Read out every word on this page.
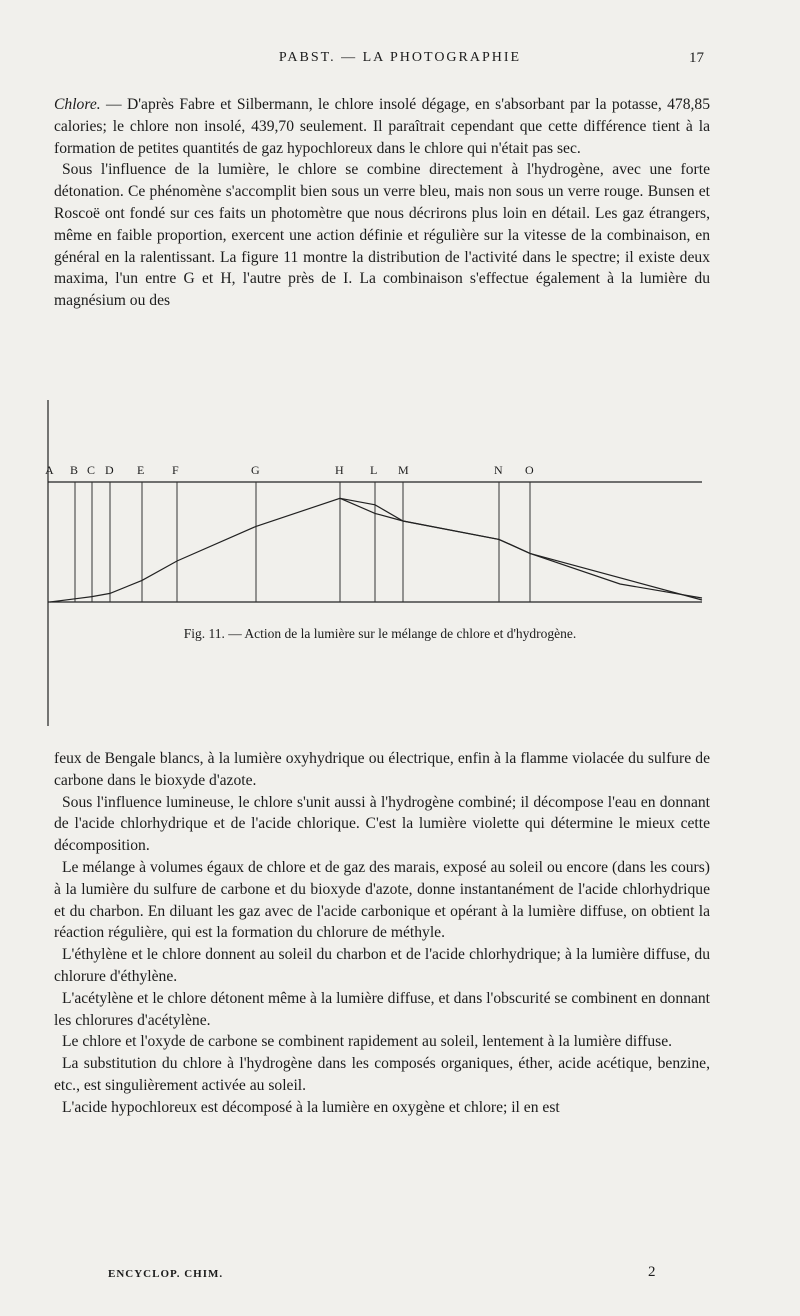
PABST. — LA PHOTOGRAPHIE	17

Chlore. — D'après Fabre et Silbermann, le chlore insolé dégage, en s'absorbant par la potasse, 478,85 calories; le chlore non insolé, 439,70 seulement. Il paraîtrait cependant que cette différence tient à la formation de petites quantités de gaz hypochloreux dans le chlore qui n'était pas sec.

Sous l'influence de la lumière, le chlore se combine directement à l'hydrogène, avec une forte détonation. Ce phénomène s'accomplit bien sous un verre bleu, mais non sous un verre rouge. Bunsen et Roscoë ont fondé sur ces faits un photomètre que nous décrirons plus loin en détail. Les gaz étrangers, même en faible proportion, exercent une action définie et régulière sur la vitesse de la combinaison, en général en la ralentissant. La figure 11 montre la distribution de l'activité dans le spectre; il existe deux maxima, l'un entre G et H, l'autre près de I. La combinaison s'effectue également à la lumière du magnésium ou des

A B C D E F	G	H L M	N O
Fig. 11. — Action de la lumière sur le mélange de chlore et d'hydrogène.

feux de Bengale blancs, à la lumière oxyhydrique ou électrique, enfin à la flamme violacée du sulfure de carbone dans le bioxyde d'azote.

Sous l'influence lumineuse, le chlore s'unit aussi à l'hydrogène combiné; il décompose l'eau en donnant de l'acide chlorhydrique et de l'acide chlorique. C'est la lumière violette qui détermine le mieux cette décomposition.

Le mélange à volumes égaux de chlore et de gaz des marais, exposé au soleil ou encore (dans les cours) à la lumière du sulfure de carbone et du bioxyde d'azote, donne instantanément de l'acide chlorhydrique et du charbon. En diluant les gaz avec de l'acide carbonique et opérant à la lumière diffuse, on obtient la réaction régulière, qui est la formation du chlorure de méthyle.

L'éthylène et le chlore donnent au soleil du charbon et de l'acide chlorhydrique; à la lumière diffuse, du chlorure d'éthylène.

L'acétylène et le chlore détonent même à la lumière diffuse, et dans l'obscurité se combinent en donnant les chlorures d'acétylène.

Le chlore et l'oxyde de carbone se combinent rapidement au soleil, lentement à la lumière diffuse.

La substitution du chlore à l'hydrogène dans les composés organiques, éther, acide acétique, benzine, etc., est singulièrement activée au soleil.

L'acide hypochloreux est décomposé à la lumière en oxygène et chlore; il en est

ENCYCLOP. CHIM.	2
